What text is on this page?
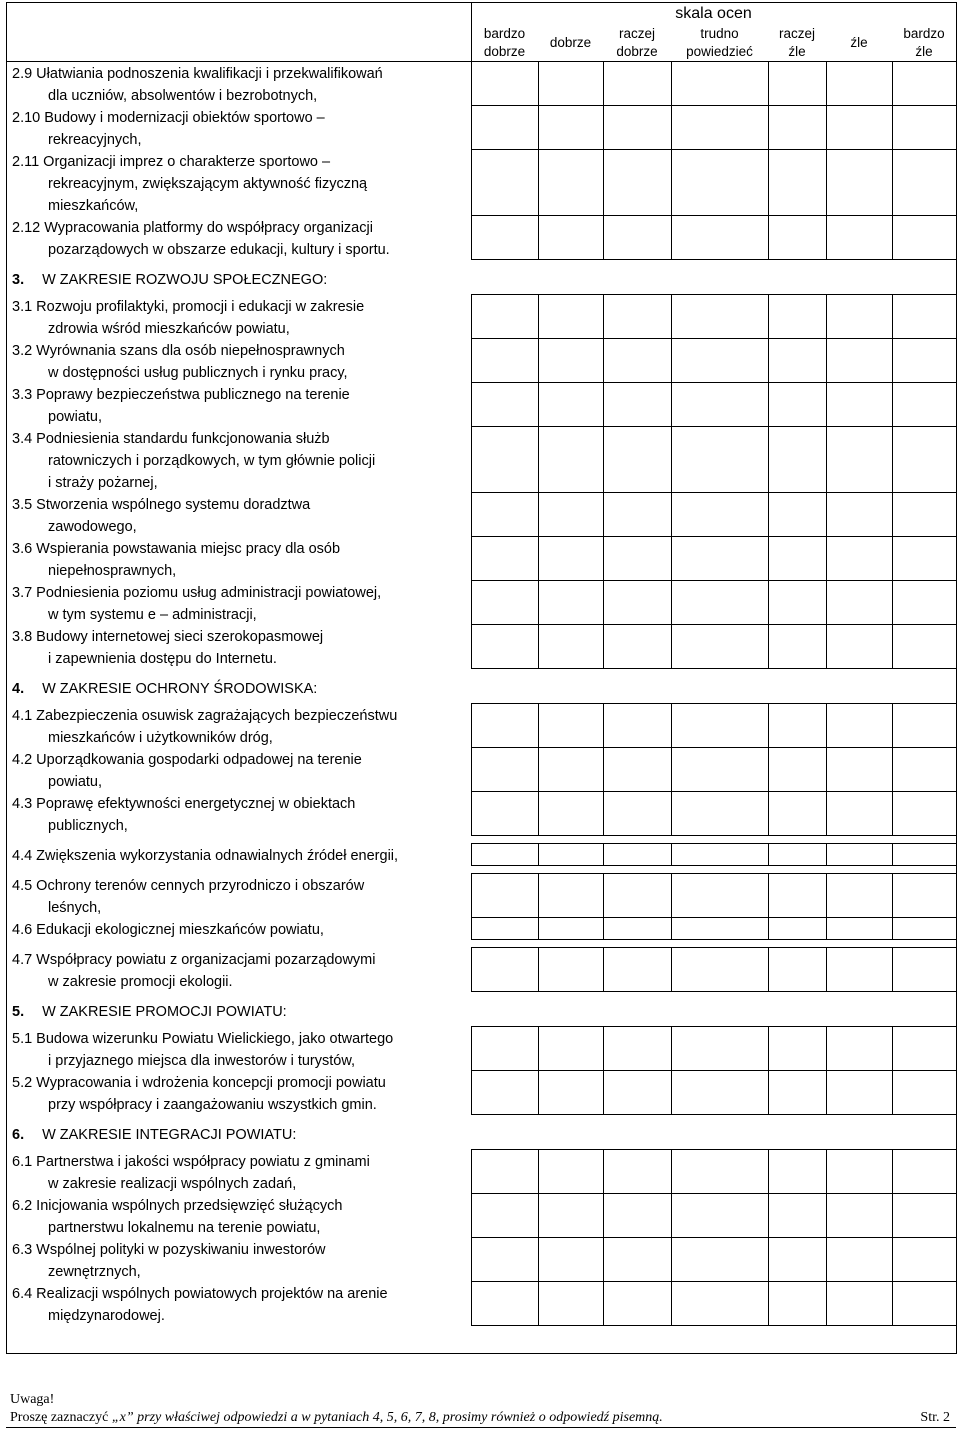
skala ocen
bardzo
dobrze
dobrze
raczej
dobrze
trudno
powiedzieć
raczej
źle
źle
bardzo
źle
2.9 Ułatwiania podnoszenia kwalifikacji i przekwalifikowań
dla uczniów, absolwentów i bezrobotnych,
2.10 Budowy i modernizacji obiektów sportowo –
rekreacyjnych,
2.11 Organizacji imprez o charakterze sportowo –
rekreacyjnym, zwiększającym aktywność fizyczną
mieszkańców,
2.12 Wypracowania platformy do współpracy organizacji
pozarządowych w obszarze edukacji, kultury i sportu.
3. W ZAKRESIE ROZWOJU SPOŁECZNEGO:
3.1 Rozwoju profilaktyki, promocji i edukacji w zakresie
zdrowia wśród mieszkańców powiatu,
3.2 Wyrównania szans dla osób niepełnosprawnych
w dostępności usług publicznych i rynku pracy,
3.3 Poprawy bezpieczeństwa publicznego na terenie
powiatu,
3.4 Podniesienia standardu funkcjonowania służb
ratowniczych i porządkowych, w tym głównie policji
i straży pożarnej,
3.5 Stworzenia wspólnego systemu doradztwa
zawodowego,
3.6 Wspierania powstawania miejsc pracy dla osób
niepełnosprawnych,
3.7 Podniesienia poziomu usług administracji powiatowej,
w tym systemu e – administracji,
3.8 Budowy internetowej sieci szerokopasmowej
i zapewnienia dostępu do Internetu.
4. W ZAKRESIE OCHRONY ŚRODOWISKA:
4.1 Zabezpieczenia osuwisk zagrażających bezpieczeństwu
mieszkańców i użytkowników dróg,
4.2 Uporządkowania gospodarki odpadowej na terenie
powiatu,
4.3 Poprawę efektywności energetycznej w obiektach
publicznych,
4.4 Zwiększenia wykorzystania odnawialnych źródeł energii,
4.5 Ochrony terenów cennych przyrodniczo i obszarów
leśnych,
4.6 Edukacji ekologicznej mieszkańców powiatu,
4.7 Współpracy powiatu z organizacjami pozarządowymi
w zakresie promocji ekologii.
5. W ZAKRESIE PROMOCJI POWIATU:
5.1 Budowa wizerunku Powiatu Wielickiego, jako otwartego
i przyjaznego miejsca dla inwestorów i turystów,
5.2 Wypracowania i wdrożenia koncepcji promocji powiatu
przy współpracy i zaangażowaniu wszystkich gmin.
6. W ZAKRESIE INTEGRACJI POWIATU:
6.1 Partnerstwa i jakości współpracy powiatu z gminami
w zakresie realizacji wspólnych zadań,
6.2 Inicjowania wspólnych przedsięwzięć służących
partnerstwu lokalnemu na terenie powiatu,
6.3 Wspólnej polityki w pozyskiwaniu inwestorów
zewnętrznych,
6.4 Realizacji wspólnych powiatowych projektów na arenie
międzynarodowej.
Uwaga!
Proszę zaznaczyć „x” przy właściwej odpowiedzi a w pytaniach 4, 5, 6, 7, 8, prosimy również o odpowiedź pisemną.	Str. 2
